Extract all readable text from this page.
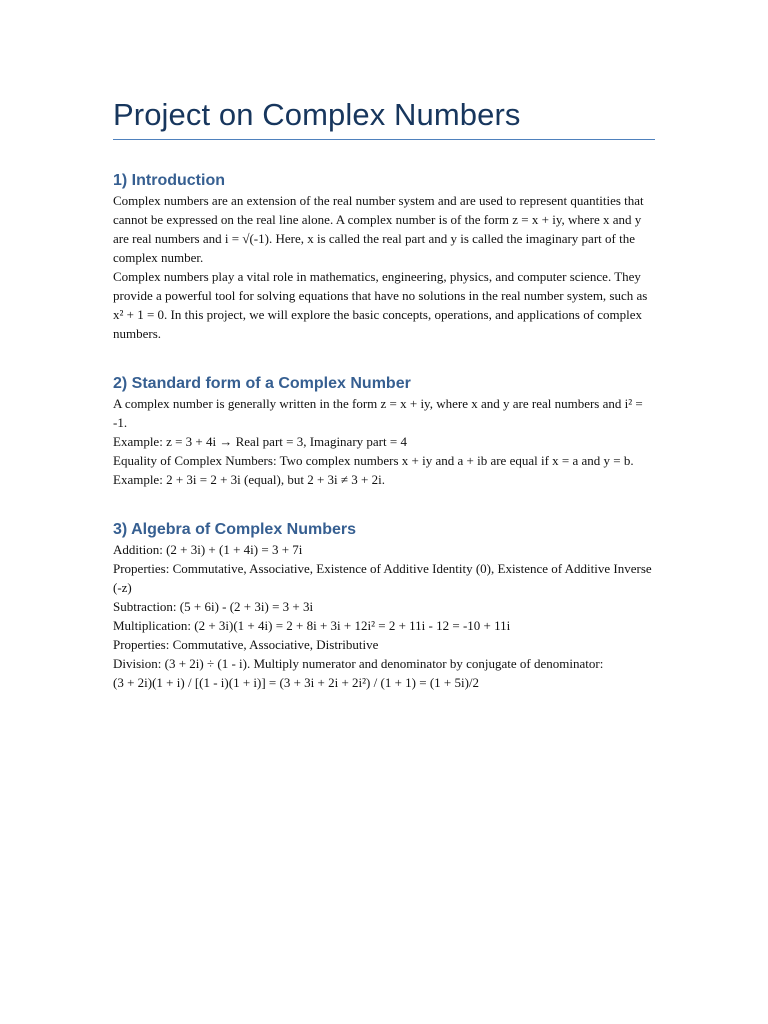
Project on Complex Numbers
1) Introduction

Complex numbers are an extension of the real number system and are used to represent quantities that cannot be expressed on the real line alone. A complex number is of the form z = x + iy, where x and y are real numbers and i = √(-1). Here, x is called the real part and y is called the imaginary part of the complex number.

Complex numbers play a vital role in mathematics, engineering, physics, and computer science. They provide a powerful tool for solving equations that have no solutions in the real number system, such as x² + 1 = 0. In this project, we will explore the basic concepts, operations, and applications of complex numbers.

2) Standard form of a Complex Number

A complex number is generally written in the form z = x + iy, where x and y are real numbers and i² = -1.

Example: z = 3 + 4i → Real part = 3, Imaginary part = 4

Equality of Complex Numbers: Two complex numbers x + iy and a + ib are equal if x = a and y = b.

Example: 2 + 3i = 2 + 3i (equal), but 2 + 3i ≠ 3 + 2i.

3) Algebra of Complex Numbers

Addition: (2 + 3i) + (1 + 4i) = 3 + 7i

Properties: Commutative, Associative, Existence of Additive Identity (0), Existence of Additive Inverse (-z)

Subtraction: (5 + 6i) - (2 + 3i) = 3 + 3i

Multiplication: (2 + 3i)(1 + 4i) = 2 + 8i + 3i + 12i² = 2 + 11i - 12 = -10 + 11i

Properties: Commutative, Associative, Distributive

Division: (3 + 2i) ÷ (1 - i). Multiply numerator and denominator by conjugate of denominator:

(3 + 2i)(1 + i) / [(1 - i)(1 + i)] = (3 + 3i + 2i + 2i²) / (1 + 1) = (1 + 5i)/2
